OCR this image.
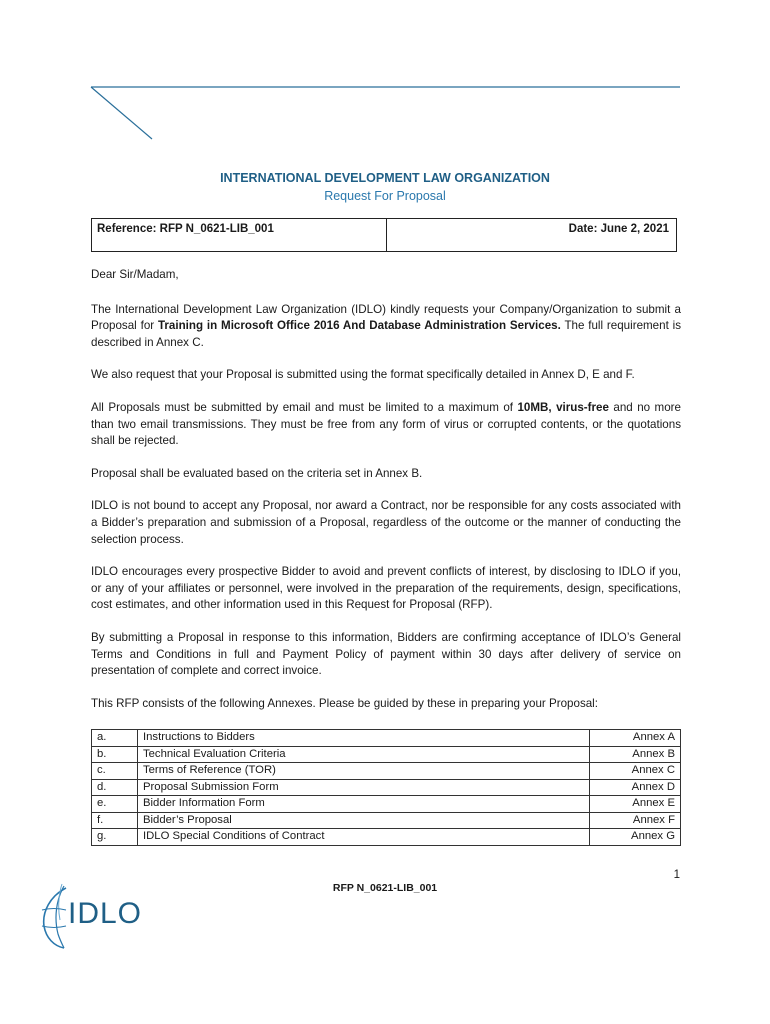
INTERNATIONAL DEVELOPMENT LAW ORGANIZATION
Request For Proposal
Reference: RFP N_0621-LIB_001	Date: June 2, 2021

Dear Sir/Madam,

The International Development Law Organization (IDLO) kindly requests your Company/Organization to submit a Proposal for Training in Microsoft Office 2016 And Database Administration Services. The full requirement is described in Annex C.

We also request that your Proposal is submitted using the format specifically detailed in Annex D, E and F.

All Proposals must be submitted by email and must be limited to a maximum of 10MB, virus-free and no more than two email transmissions. They must be free from any form of virus or corrupted contents, or the quotations shall be rejected.

Proposal shall be evaluated based on the criteria set in Annex B.

IDLO is not bound to accept any Proposal, nor award a Contract, nor be responsible for any costs associated with a Bidder’s preparation and submission of a Proposal, regardless of the outcome or the manner of conducting the selection process.

IDLO encourages every prospective Bidder to avoid and prevent conflicts of interest, by disclosing to IDLO if you, or any of your affiliates or personnel, were involved in the preparation of the requirements, design, specifications, cost estimates, and other information used in this Request for Proposal (RFP).

By submitting a Proposal in response to this information, Bidders are confirming acceptance of IDLO’s General Terms and Conditions in full and Payment Policy of payment within 30 days after delivery of service on presentation of complete and correct invoice.

This RFP consists of the following Annexes. Please be guided by these in preparing your Proposal:

a.	Instructions to Bidders	Annex A
b.	Technical Evaluation Criteria	Annex B
c.	Terms of Reference (TOR)	Annex C
d.	Proposal Submission Form	Annex D
e.	Bidder Information Form	Annex E
f.	Bidder’s Proposal	Annex F
g.	IDLO Special Conditions of Contract	Annex G
1
RFP N_0621-LIB_001
IDLO
